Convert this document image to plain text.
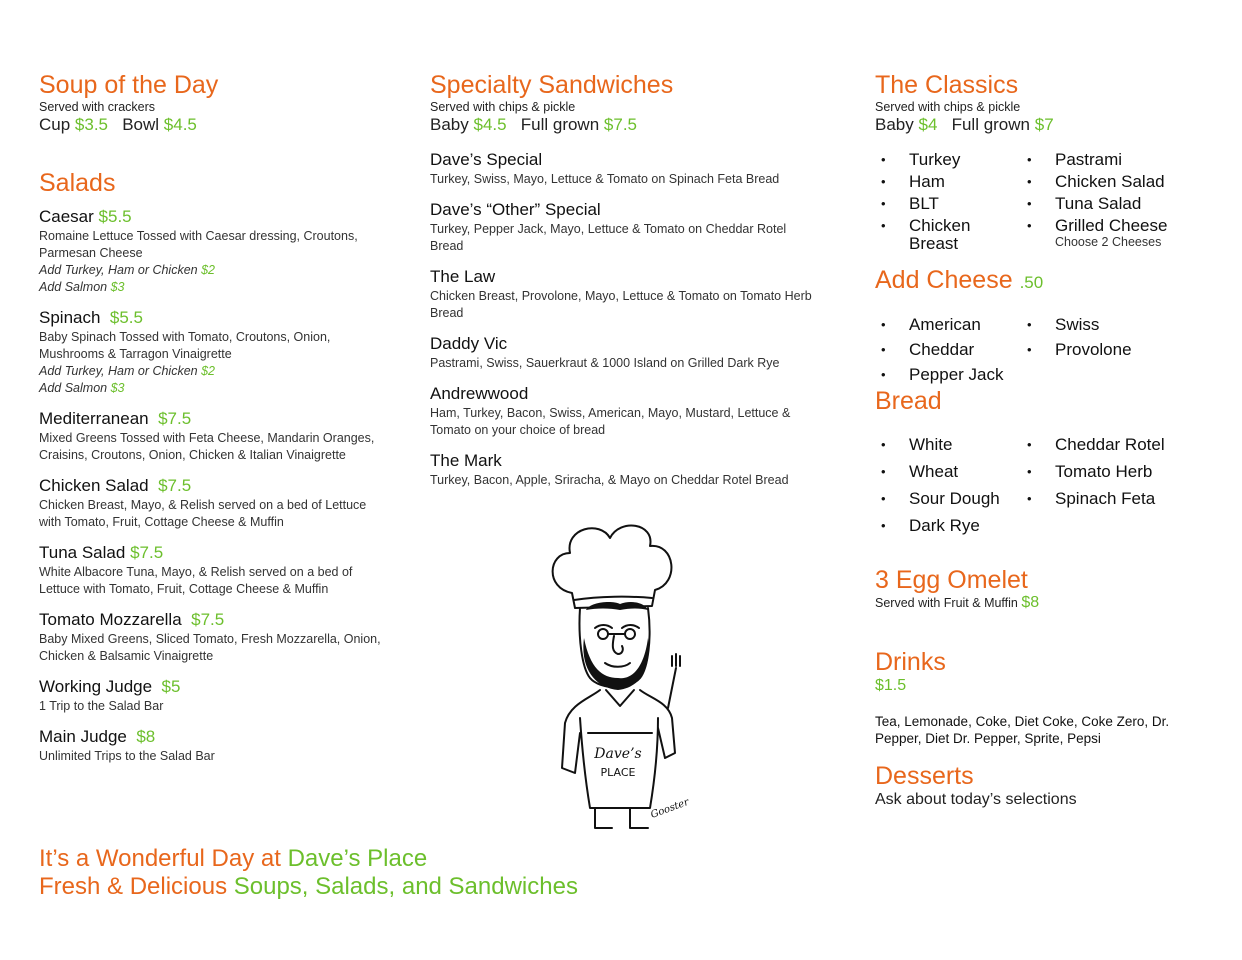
Soup of the Day
Served with crackers
Cup $3.5 Bowl $4.5
Salads
Caesar $5.5
Romaine Lettuce Tossed with Caesar dressing, Croutons, Parmesan Cheese
Add Turkey, Ham or Chicken $2
Add Salmon $3
Spinach $5.5
Baby Spinach Tossed with Tomato, Croutons, Onion, Mushrooms & Tarragon Vinaigrette
Add Turkey, Ham or Chicken $2
Add Salmon $3
Mediterranean $7.5
Mixed Greens Tossed with Feta Cheese, Mandarin Oranges, Craisins, Croutons, Onion, Chicken & Italian Vinaigrette
Chicken Salad $7.5
Chicken Breast, Mayo, & Relish served on a bed of Lettuce with Tomato, Fruit, Cottage Cheese & Muffin
Tuna Salad $7.5
White Albacore Tuna, Mayo, & Relish served on a bed of Lettuce with Tomato, Fruit, Cottage Cheese & Muffin
Tomato Mozzarella $7.5
Baby Mixed Greens, Sliced Tomato, Fresh Mozzarella, Onion, Chicken & Balsamic Vinaigrette
Working Judge $5
1 Trip to the Salad Bar
Main Judge $8
Unlimited Trips to the Salad Bar
Specialty Sandwiches
Served with chips & pickle
Baby $4.5 Full grown $7.5
Dave’s Special
Turkey, Swiss, Mayo, Lettuce & Tomato on Spinach Feta Bread
Dave’s “Other” Special
Turkey, Pepper Jack, Mayo, Lettuce & Tomato on Cheddar Rotel Bread
The Law
Chicken Breast, Provolone, Mayo, Lettuce & Tomato on Tomato Herb Bread
Daddy Vic
Pastrami, Swiss, Sauerkraut & 1000 Island on Grilled Dark Rye
Andrewwood
Ham, Turkey, Bacon, Swiss, American, Mayo, Mustard, Lettuce & Tomato on your choice of bread
The Mark
Turkey, Bacon, Apple, Sriracha, & Mayo on Cheddar Rotel Bread
Dave’s
PLACE
Gooster
The Classics
Served with chips & pickle
Baby $4 Full grown $7
• Turkey	• Pastrami
• Ham	• Chicken Salad
• BLT	• Tuna Salad
• Chicken Breast
• Grilled Cheese
Choose 2 Cheeses
Add Cheese .50
• American	• Swiss
• Cheddar	• Provolone
• Pepper Jack
Bread
• White	• Cheddar Rotel
• Wheat	• Tomato Herb
• Sour Dough	• Spinach Feta
• Dark Rye
3 Egg Omelet
Served with Fruit & Muffin $8
Drinks
$1.5
Tea, Lemonade, Coke, Diet Coke, Coke Zero, Dr. Pepper, Diet Dr. Pepper, Sprite, Pepsi
Desserts
Ask about today’s selections
It’s a Wonderful Day at Dave’s Place
Fresh & Delicious Soups, Salads, and Sandwiches
